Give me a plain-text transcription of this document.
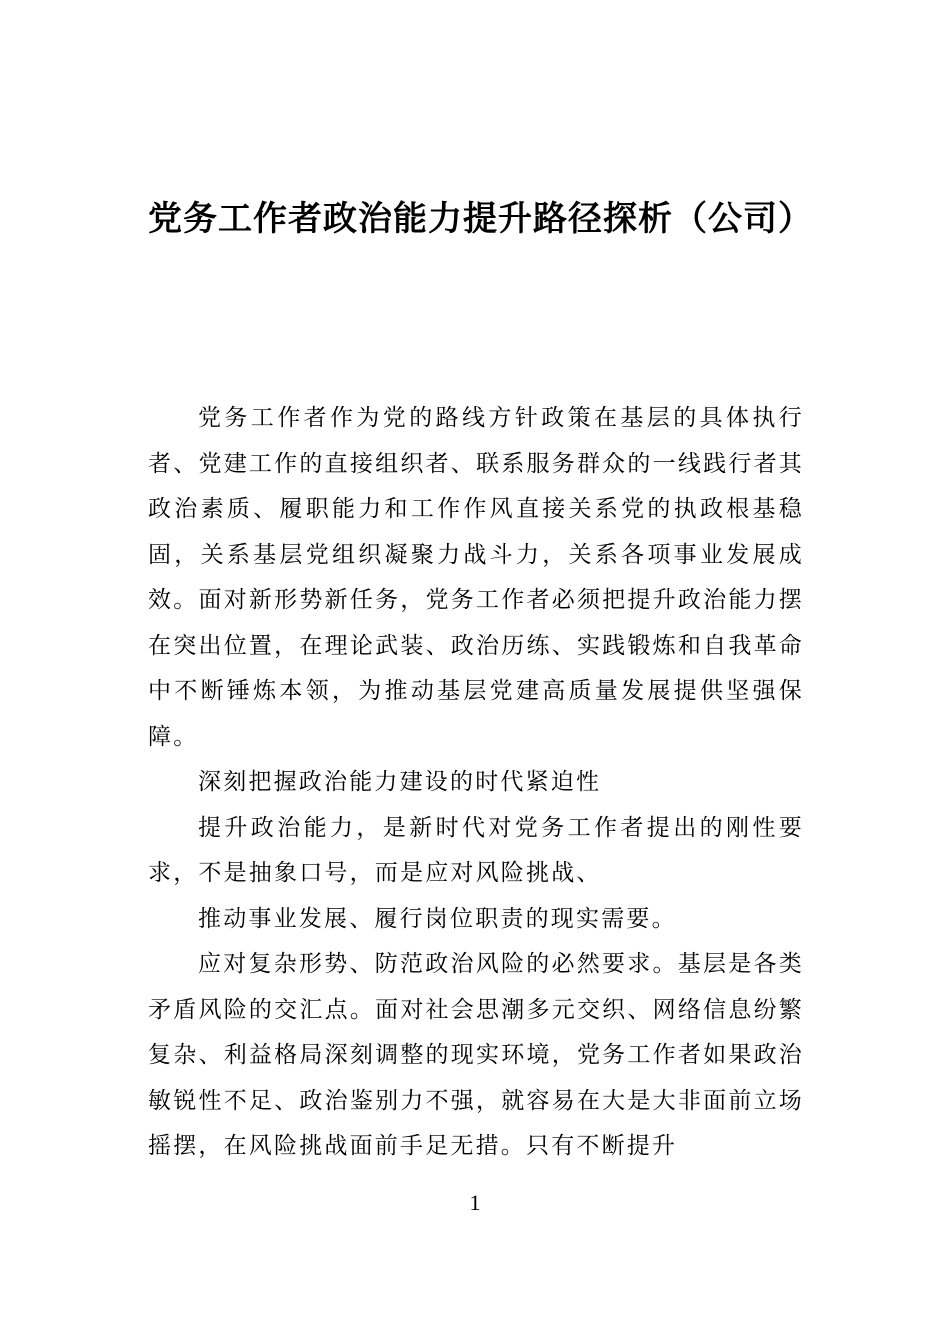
党务工作者政治能力提升路径探析（公司）

党务工作者作为党的路线方针政策在基层的具体执行者、党建工作的直接组织者、联系服务群众的一线践行者其政治素质、履职能力和工作作风直接关系党的执政根基稳固，关系基层党组织凝聚力战斗力，关系各项事业发展成效。面对新形势新任务，党务工作者必须把提升政治能力摆在突出位置，在理论武装、政治历练、实践锻炼和自我革命中不断锤炼本领，为推动基层党建高质量发展提供坚强保障。

深刻把握政治能力建设的时代紧迫性

提升政治能力，是新时代对党务工作者提出的刚性要求，不是抽象口号，而是应对风险挑战、

推动事业发展、履行岗位职责的现实需要。

应对复杂形势、防范政治风险的必然要求。基层是各类矛盾风险的交汇点。面对社会思潮多元交织、网络信息纷繁复杂、利益格局深刻调整的现实环境，党务工作者如果政治敏锐性不足、政治鉴别力不强，就容易在大是大非面前立场摇摆，在风险挑战面前手足无措。只有不断提升

1
